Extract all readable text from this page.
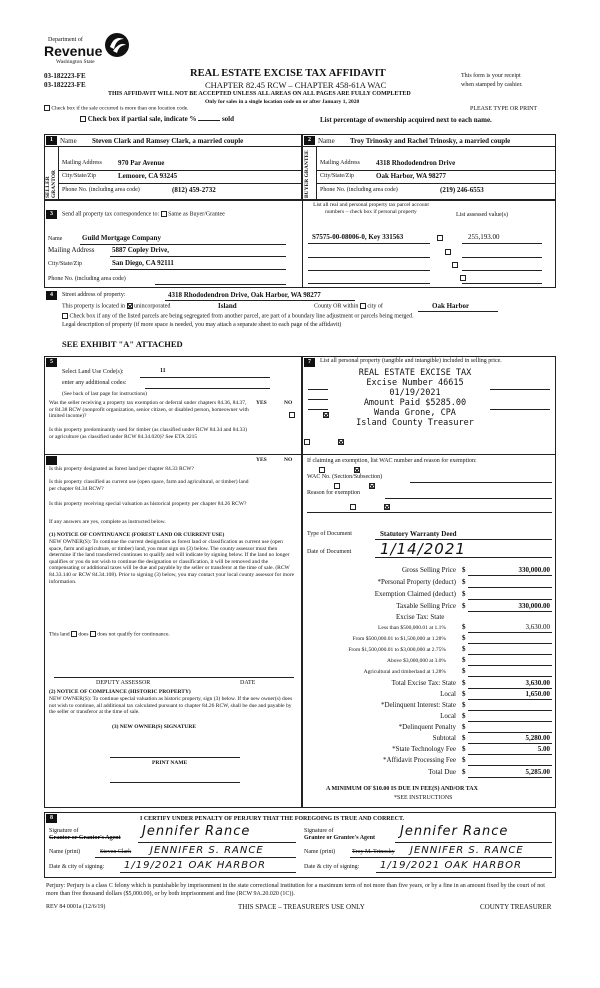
Department of
Revenue
Washington State
03-182223-FE
03-182223-FE
REAL ESTATE EXCISE TAX AFFIDAVIT
CHAPTER 82.45 RCW – CHAPTER 458-61A WAC
THIS AFFIDAVIT WILL NOT BE ACCEPTED UNLESS ALL AREAS ON ALL PAGES ARE FULLY COMPLETED
Only for sales in a single location code on or after January 1, 2020
This form is your receipt
when stamped by cashier.
Check box if the sale occurred is more than one location code.
Check box if partial sale, indicate %	sold
PLEASE TYPE OR PRINT
List percentage of ownership acquired next to each name.
1	2
Name Steven Clark and Ramsey Clark, a married couple
SELLER GRANTOR
Mailing Address 970 Par Avenue
City/State/Zip	Lemoore, CA 93245
Phone No. (including area code)	(812) 459-2732
Name Troy Trinosky and Rachel Trinosky, a married couple
BUYER GRANTEE Mailing Address 4318 Rhododendron Drive
City/State/Zip	Oak Harbor, WA 98277
Phone No. (including area code)	(219) 246-6553
3	Send all property tax correspondence to: Same as Buyer/Grantee
Name	Guild Mortgage Company
Mailing Address	5887 Copley Drive,
City/State/Zip	San Diego, CA 92111
Phone No. (including area code)
List all real and personal property tax parcel account numbers – check box if personal property	List assessed value(s)
S7575-00-08006-0, Key 331563	255,193.00

4	Street address of property:	4318 Rhododendron Drive, Oak Harbor, WA 98277
This property is located in unincorporated	Island	County OR within city of	Oak Harbor
Check box if any of the listed parcels are being segregated from another parcel, are part of a boundary line adjustment or parcels being merged.
Legal description of property (if more space is needed, you may attach a separate sheet to each page of the affidavit)
SEE EXHIBIT "A" ATTACHED
5
Select Land Use Code(s):	11
enter any additional codes:
(See back of last page for instructions)
YES	NO
Was the seller receiving a property tax exemption or deferral under chapters 84.36, 84.37, or 84.38 RCW (nonprofit organization, senior citizen, or disabled person, homeowner with limited income)?

Is this property predominantly used for timber (as classified under RCW 84.34 and 84.33) or agriculture (as classified under RCW 84.34.020)? See ETA 3215

YES	NO
Is this property designated as forest land per chapter 84.33 RCW?

Is this property classified as current use (open space, farm and agricultural, or timber) land per chapter 84.34 RCW?

Is this property receiving special valuation as historical property per chapter 84.26 RCW?

If any answers are yes, complete as instructed below.
(1) NOTICE OF CONTINUANCE (FOREST LAND OR CURRENT USE)
NEW OWNER(S): To continue the current designation as forest land or classification as current use (open space, farm and agriculture, or timber) land, you must sign on (3) below. The county assessor must then determine if the land transferred continues to qualify and will indicate by signing below. If the land no longer qualifies or you do not wish to continue the designation or classification, it will be removed and the compensating or additional taxes will be due and payable by the seller or transferor at the time of sale. (RCW 84.33.140 or RCW 84.34.108). Prior to signing (3) below, you may contact your local county assessor for more information.
This land does does not qualify for continuance.
DEPUTY ASSESSOR	DATE
(2) NOTICE OF COMPLIANCE (HISTORIC PROPERTY)
NEW OWNER(S): To continue special valuation as historic property, sign (3) below. If the new owner(s) does not wish to continue, all additional tax calculated pursuant to chapter 84.26 RCW, shall be due and payable by the seller or transferor at the time of sale.
(3) NEW OWNER(S) SIGNATURE
PRINT NAME
7	List all personal property (tangible and intangible) included in selling price.
REAL ESTATE EXCISE TAX
Excise Number 46615
01/19/2021
Amount Paid $5285.00
Wanda Grone, CPA
Island County Treasurer
If claiming an exemption, list WAC number and reason for exemption:
WAC No. (Section/Subsection)
Reason for exemption
Type of Document	Statutory Warranty Deed
Date of Document 1/14/2021
Gross Selling Price $	330,000.00
*Personal Property (deduct) $
Exemption Claimed (deduct) $
Taxable Selling Price $	330,000.00
Excise Tax: State
Less than $500,000.01 at 1.1% $	3,630.00
From $500,000.01 to $1,500,000 at 1.28% $
From $1,500,000.01 to $3,000,000 at 2.75% $
Above $3,000,000 at 3.0% $
Agricultural and timberland at 1.28% $
Total Excise Tax: State $	3,630.00
Local $	1,650.00
*Delinquent Interest: State $
Local $
*Delinquent Penalty $
Subtotal $	5,280.00
*State Technology Fee $	5.00
*Affidavit Processing Fee $
Total Due $	5,285.00
A MINIMUM OF $10.00 IS DUE IN FEE(S) AND/OR TAX
*SEE INSTRUCTIONS
8	I CERTIFY UNDER PENALTY OF PERJURY THAT THE FOREGOING IS TRUE AND CORRECT.
Signature of
Grantor or Grantor's Agent Jennifer Rance
Name (print)	Steven Clark JENNIFER S. RANCE
Date & city of signing: 1/19/2021 OAK HARBOR
Signature of
Grantee or Grantee's Agent Jennifer Rance
Name (print)	Troy M. Trinosky JENNIFER S. RANCE
Date & city of signing: 1/19/2021 OAK HARBOR
Perjury: Perjury is a class C felony which is punishable by imprisonment in the state correctional institution for a maximum term of not more than five years, or by a fine in an amount fixed by the court of not more than five thousand dollars ($5,000.00), or by both imprisonment and fine (RCW 9A.20.020 (1C)).
REV 84 0001a (12/6/19)	THIS SPACE – TREASURER'S USE ONLY	COUNTY TREASURER
